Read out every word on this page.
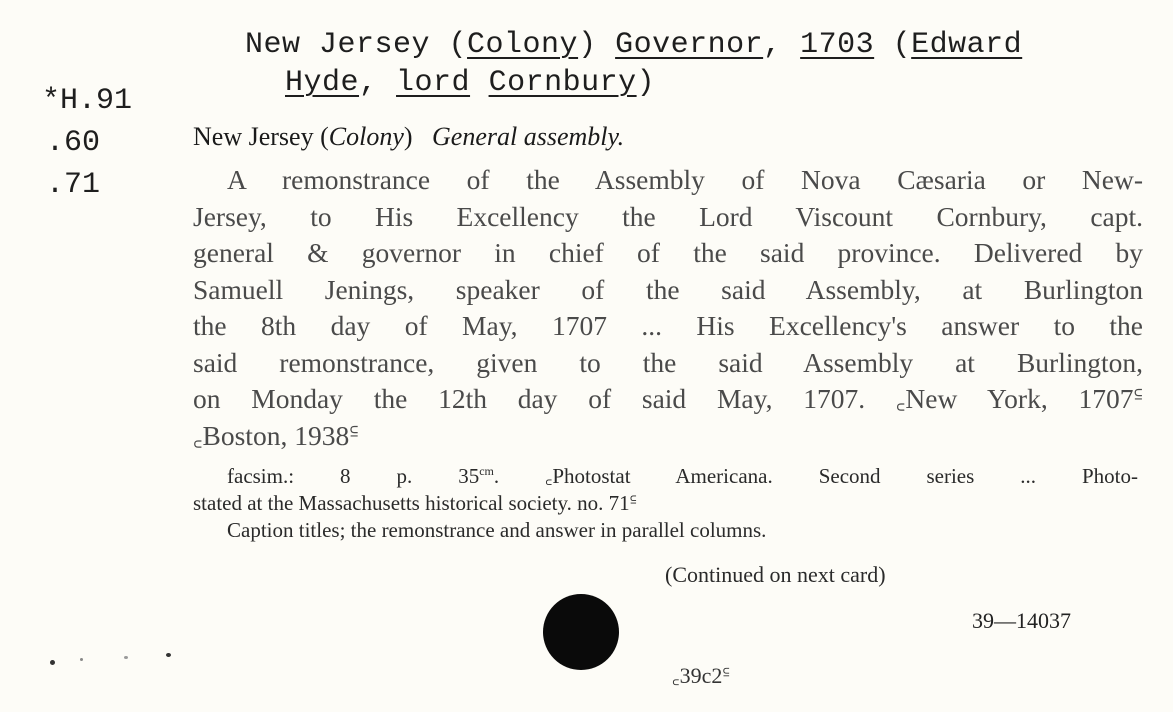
New Jersey (Colony) Governor, 1703 (Edward
Hyde, lord Cornbury)
*H.91
.60
.71
New Jersey (Colony) General assembly.
A remonstrance of the Assembly of Nova Cæsaria or New-
Jersey, to His Excellency the Lord Viscount Cornbury, capt.
general & governor in chief of the said province. Delivered by
Samuell Jenings, speaker of the said Assembly, at Burlington
the 8th day of May, 1707 ... His Excellency's answer to the
said remonstrance, given to the said Assembly at Burlington,
on Monday the 12th day of said May, 1707. ꜀New York, 1707꜃
꜀Boston, 1938꜃
facsim.: 8 p. $35^{cm}$. ꜀Photostat Americana. Second series ... Photo-
stated at the Massachusetts historical society. no. 71꜃
Caption titles; the remonstrance and answer in parallel columns.
(Continued on next card)
39—14037
꜀39c2꜃
